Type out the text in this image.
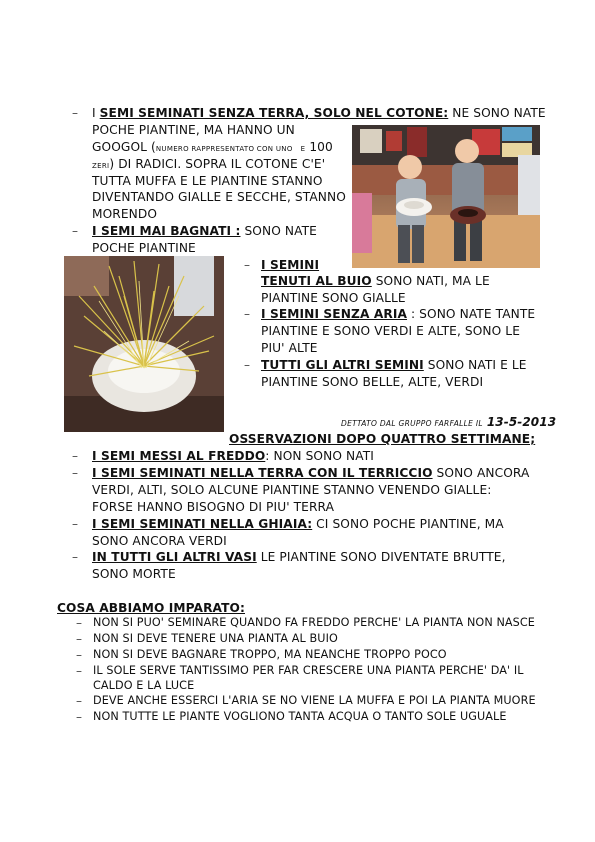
– I SEMI SEMINATI SENZA TERRA, SOLO NEL COTONE: NE SONO NATE
POCHE PIANTINE, MA HANNO UN
GOOGOL (NUMERO RAPPRESENTATO CON UNO E 100
ZERI) DI RADICI. SOPRA IL COTONE C'E'
TUTTA MUFFA E LE PIANTINE STANNO
DIVENTANDO GIALLE E SECCHE, STANNO
MORENDO
– I SEMI MAI BAGNATI : SONO NATE
POCHE PIANTINE
– I SEMINI
TENUTI AL BUIO SONO NATI, MA LE
PIANTINE SONO GIALLE
– I SEMINI SENZA ARIA : SONO NATE TANTE
PIANTINE E SONO VERDI E ALTE, SONO LE
PIU' ALTE
– TUTTI GLI ALTRI SEMINI SONO NATI E LE
PIANTINE SONO BELLE, ALTE, VERDI
DETTATO DAL GRUPPO FARFALLE IL 13-5-2013
OSSERVAZIONI DOPO QUATTRO SETTIMANE;
– I SEMI MESSI AL FREDDO: NON SONO NATI
– I SEMI SEMINATI NELLA TERRA CON IL TERRICCIO SONO ANCORA
VERDI, ALTI, SOLO ALCUNE PIANTINE STANNO VENENDO GIALLE:
FORSE HANNO BISOGNO DI PIU' TERRA
– I SEMI SEMINATI NELLA GHIAIA: CI SONO POCHE PIANTINE, MA
SONO ANCORA VERDI
– IN TUTTI GLI ALTRI VASI LE PIANTINE SONO DIVENTATE BRUTTE,
SONO MORTE
COSA ABBIAMO IMPARATO:
– NON SI PUO' SEMINARE QUANDO FA FREDDO PERCHE' LA PIANTA NON NASCE
– NON SI DEVE TENERE UNA PIANTA AL BUIO
– NON SI DEVE BAGNARE TROPPO, MA NEANCHE TROPPO POCO
– IL SOLE SERVE TANTISSIMO PER FAR CRESCERE UNA PIANTA PERCHE' DA' IL
CALDO E LA LUCE
– DEVE ANCHE ESSERCI L'ARIA SE NO VIENE LA MUFFA E POI LA PIANTA MUORE
– NON TUTTE LE PIANTE VOGLIONO TANTA ACQUA O TANTO SOLE UGUALE
